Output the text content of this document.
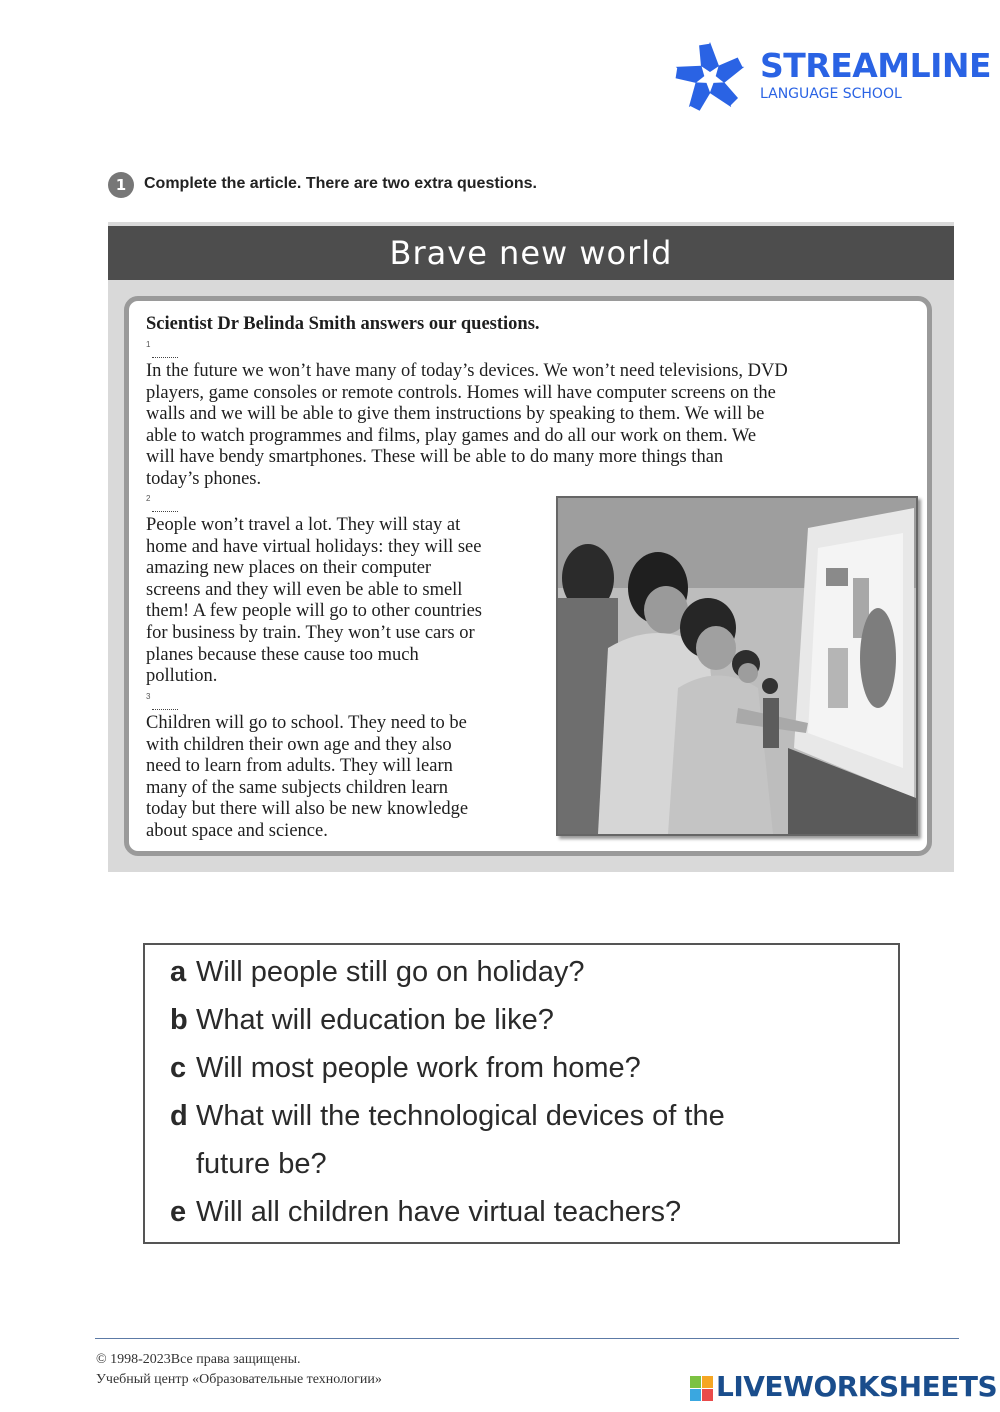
STREAMLINE
LANGUAGE SCHOOL
1	Complete the article. There are two extra questions.
Brave new world
Scientist Dr Belinda Smith answers our questions.
1
In the future we won’t have many of today’s devices. We won’t need televisions, DVD
players, game consoles or remote controls. Homes will have computer screens on the
walls and we will be able to give them instructions by speaking to them. We will be
able to watch programmes and films, play games and do all our work on them. We
will have bendy smartphones. These will be able to do many more things than
today’s phones.
2
People won’t travel a lot. They will stay at
home and have virtual holidays: they will see
amazing new places on their computer
screens and they will even be able to smell
them! A few people will go to other countries
for business by train. They won’t use cars or
planes because these cause too much
pollution.
3
Children will go to school. They need to be
with children their own age and they also
need to learn from adults. They will learn
many of the same subjects children learn
today but there will also be new knowledge
about space and science.
a Will people still go on holiday?
b What will education be like?
c Will most people work from home?
d What will the technological devices of the
future be?
e Will all children have virtual teachers?
© 1998-2023Все права защищены.
Учебный центр «Образовательные технологии»	LIVEWORKSHEETS
